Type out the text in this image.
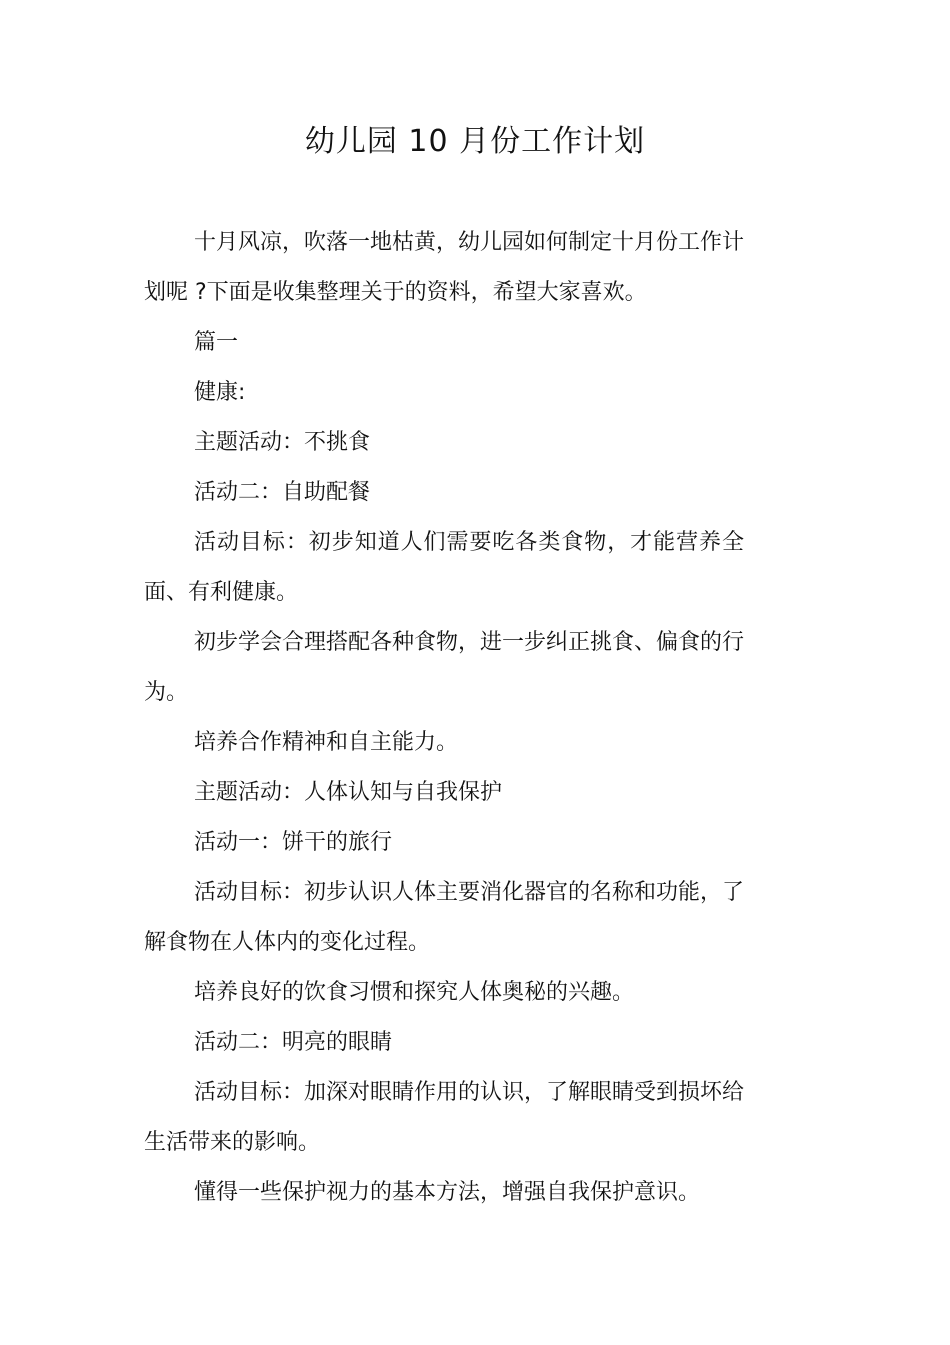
幼儿园 10 月份工作计划

十月风凉，吹落一地枯黄，幼儿园如何制定十月份工作计划呢 ?下面是收集整理关于的资料，希望大家喜欢。

篇一

健康:

主题活动：不挑食

活动二：自助配餐

活动目标：初步知道人们需要吃各类食物，才能营养全面、有利健康。

初步学会合理搭配各种食物，进一步纠正挑食、偏食的行为。

培养合作精神和自主能力。

主题活动：人体认知与自我保护

活动一：饼干的旅行

活动目标：初步认识人体主要消化器官的名称和功能，了解食物在人体内的变化过程。

培养良好的饮食习惯和探究人体奥秘的兴趣。

活动二：明亮的眼睛

活动目标：加深对眼睛作用的认识，了解眼睛受到损坏给生活带来的影响。

懂得一些保护视力的基本方法，增强自我保护意识。
